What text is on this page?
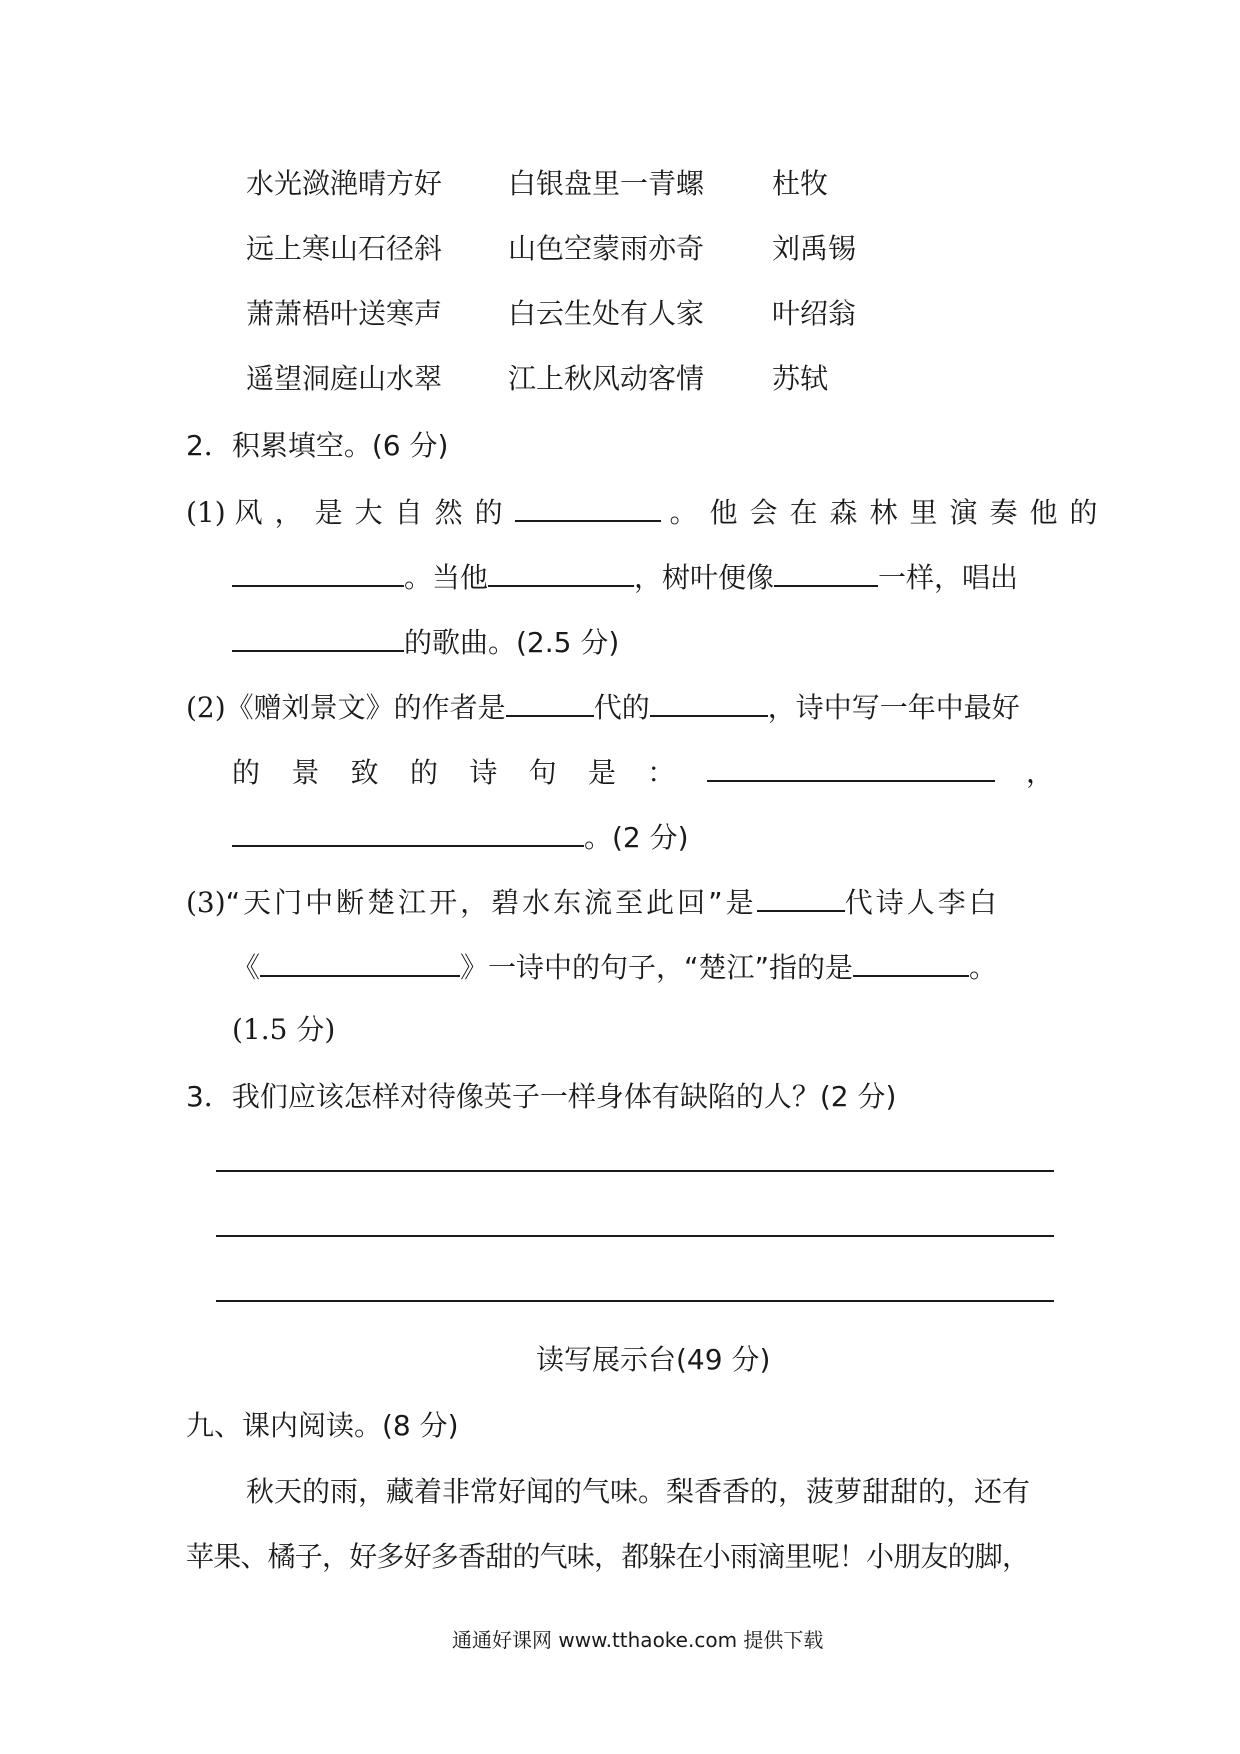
水光潋滟晴方好 白银盘里一青螺 杜牧
远上寒山石径斜 山色空蒙雨亦奇 刘禹锡
萧萧梧叶送寒声 白云生处有人家 叶绍翁
遥望洞庭山水翠 江上秋风动客情 苏轼
2．积累填空。(6 分)
(1) 风，是大自然的	。他会在森林里演奏他的
。当他	，树叶便像	一样，唱出
的歌曲。(2.5 分)
(2)《赠刘景文》的作者是	代的	，诗中写一年中最好
的 景 致 的 诗 句 是 ：	，
。(2 分)
(3)“天门中断楚江开，碧水东流至此回”是	代诗人李白
《	》一诗中的句子，“楚江”指的是	。
(1.5 分)
3．我们应该怎样对待像英子一样身体有缺陷的人？(2 分)
读写展示台(49 分)
九、课内阅读。(8 分)
秋天的雨，藏着非常好闻的气味。梨香香的，菠萝甜甜的，还有
苹果、橘子，好多好多香甜的气味，都躲在小雨滴里呢！小朋友的脚，
通通好课网 www.tthaoke.com 提供下载
